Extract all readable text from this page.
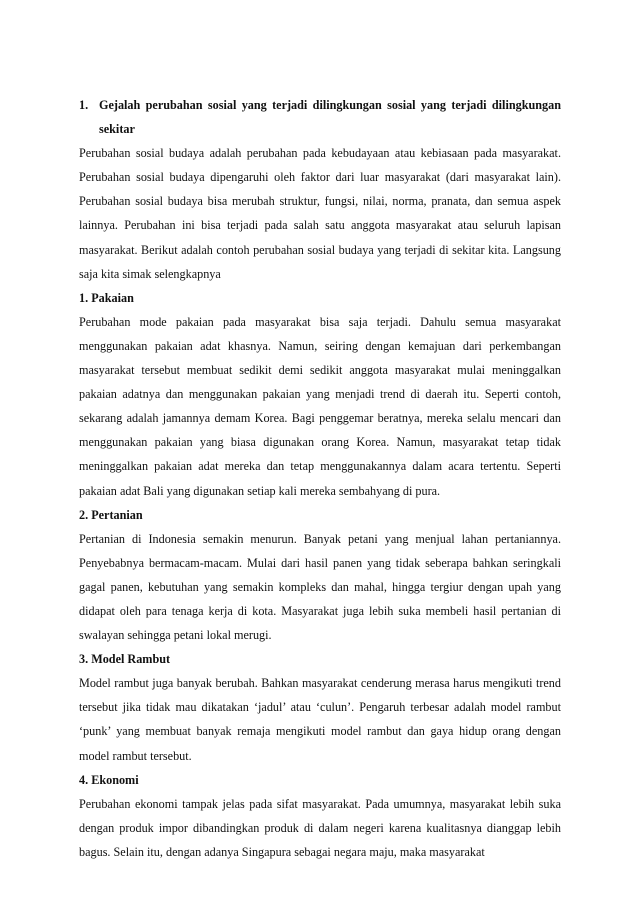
1. Gejalah perubahan sosial yang terjadi dilingkungan sosial yang terjadi dilingkungan sekitar

Perubahan sosial budaya adalah perubahan pada kebudayaan atau kebiasaan pada masyarakat. Perubahan sosial budaya dipengaruhi oleh faktor dari luar masyarakat (dari masyarakat lain). Perubahan sosial budaya bisa merubah struktur, fungsi, nilai, norma, pranata, dan semua aspek lainnya. Perubahan ini bisa terjadi pada salah satu anggota masyarakat atau seluruh lapisan masyarakat. Berikut adalah contoh perubahan sosial budaya yang terjadi di sekitar kita. Langsung saja kita simak selengkapnya

1. Pakaian

Perubahan mode pakaian pada masyarakat bisa saja terjadi. Dahulu semua masyarakat menggunakan pakaian adat khasnya. Namun, seiring dengan kemajuan dari perkembangan masyarakat tersebut membuat sedikit demi sedikit anggota masyarakat mulai meninggalkan pakaian adatnya dan menggunakan pakaian yang menjadi trend di daerah itu. Seperti contoh, sekarang adalah jamannya demam Korea. Bagi penggemar beratnya, mereka selalu mencari dan menggunakan pakaian yang biasa digunakan orang Korea. Namun, masyarakat tetap tidak meninggalkan pakaian adat mereka dan tetap menggunakannya dalam acara tertentu. Seperti pakaian adat Bali yang digunakan setiap kali mereka sembahyang di pura.

2. Pertanian

Pertanian di Indonesia semakin menurun. Banyak petani yang menjual lahan pertaniannya. Penyebabnya bermacam-macam. Mulai dari hasil panen yang tidak seberapa bahkan seringkali gagal panen, kebutuhan yang semakin kompleks dan mahal, hingga tergiur dengan upah yang didapat oleh para tenaga kerja di kota. Masyarakat juga lebih suka membeli hasil pertanian di swalayan sehingga petani lokal merugi.

3. Model Rambut

Model rambut juga banyak berubah. Bahkan masyarakat cenderung merasa harus mengikuti trend tersebut jika tidak mau dikatakan ‘jadul’ atau ‘culun’. Pengaruh terbesar adalah model rambut ‘punk’ yang membuat banyak remaja mengikuti model rambut dan gaya hidup orang dengan model rambut tersebut.

4. Ekonomi

Perubahan ekonomi tampak jelas pada sifat masyarakat. Pada umumnya, masyarakat lebih suka dengan produk impor dibandingkan produk di dalam negeri karena kualitasnya dianggap lebih bagus. Selain itu, dengan adanya Singapura sebagai negara maju, maka masyarakat
